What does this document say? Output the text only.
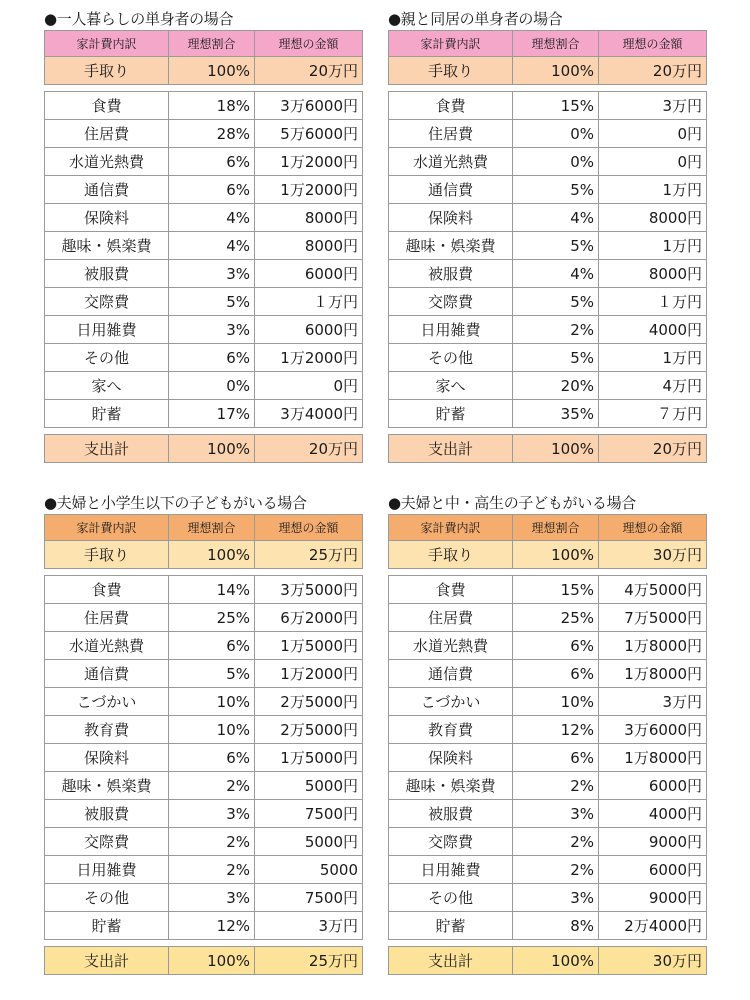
●一人暮らしの単身者の場合
家計費内訳	理想割合	理想の金額
手取り	100%	20万円
食費	18%	3万6000円
住居費	28%	5万6000円
水道光熱費	6%	1万2000円
通信費	6%	1万2000円
保険料	4%	8000円
趣味・娯楽費	4%	8000円
被服費	3%	6000円
交際費	5%	１万円
日用雑費	3%	6000円
その他	6%	1万2000円
家へ	0%	0円
貯蓄	17%	3万4000円
支出計	100%	20万円
●親と同居の単身者の場合
家計費内訳	理想割合	理想の金額
手取り	100%	20万円
食費	15%	3万円
住居費	0%	0円
水道光熱費	0%	0円
通信費	5%	1万円
保険料	4%	8000円
趣味・娯楽費	5%	1万円
被服費	4%	8000円
交際費	5%	１万円
日用雑費	2%	4000円
その他	5%	1万円
家へ	20%	4万円
貯蓄	35%	７万円
支出計	100%	20万円
●夫婦と小学生以下の子どもがいる場合
家計費内訳	理想割合	理想の金額
手取り	100%	25万円
食費	14%	3万5000円
住居費	25%	6万2000円
水道光熱費	6%	1万5000円
通信費	5%	1万2000円
こづかい	10%	2万5000円
教育費	10%	2万5000円
保険料	6%	1万5000円
趣味・娯楽費	2%	5000円
被服費	3%	7500円
交際費	2%	5000円
日用雑費	2%	5000
その他	3%	7500円
貯蓄	12%	3万円
支出計	100%	25万円
●夫婦と中・高生の子どもがいる場合
家計費内訳	理想割合	理想の金額
手取り	100%	30万円
食費	15%	4万5000円
住居費	25%	7万5000円
水道光熱費	6%	1万8000円
通信費	6%	1万8000円
こづかい	10%	3万円
教育費	12%	3万6000円
保険料	6%	1万8000円
趣味・娯楽費	2%	6000円
被服費	3%	4000円
交際費	2%	9000円
日用雑費	2%	6000円
その他	3%	9000円
貯蓄	8%	2万4000円
支出計	100%	30万円
